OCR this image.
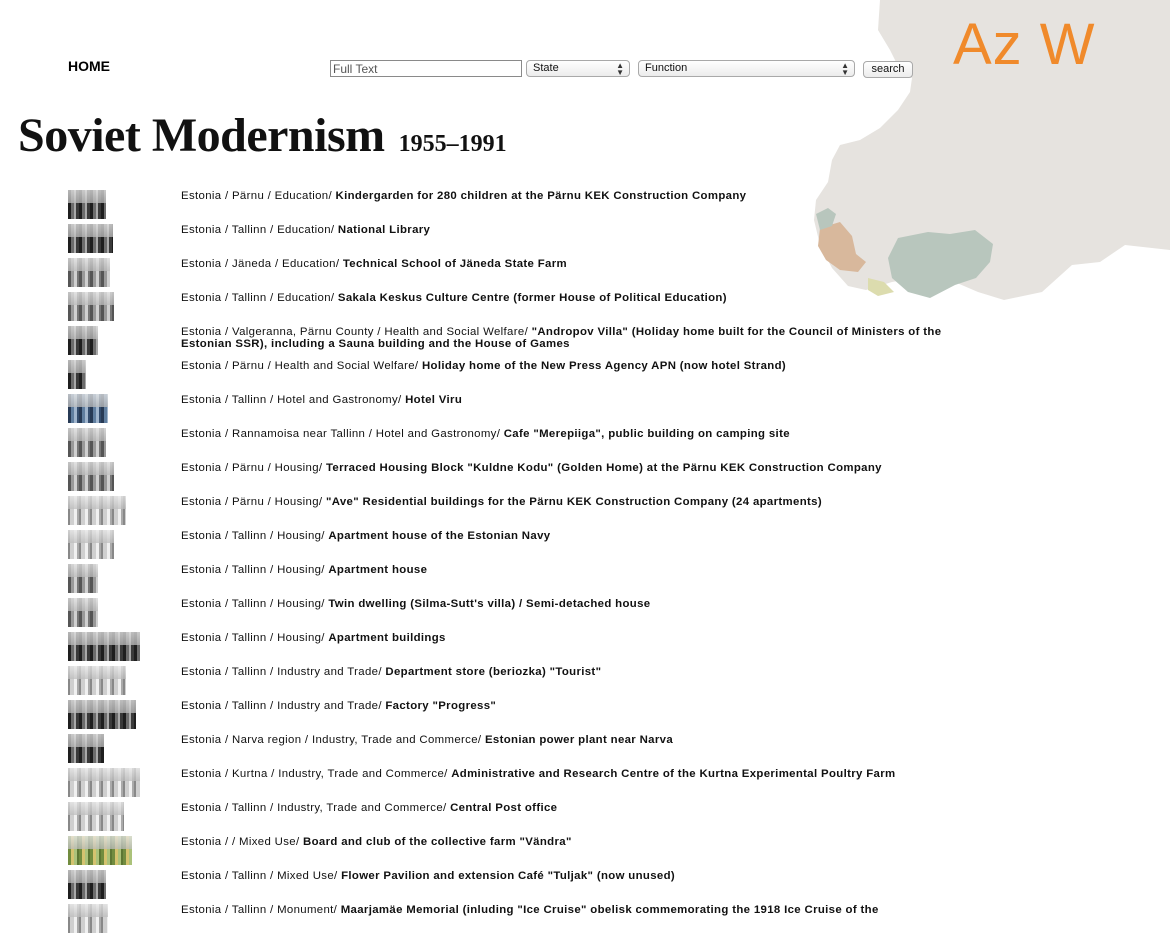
HOME
Full Text	State	▲
▼	Function	▲
▼	search Az W
Soviet Modernism 1955–1991
Estonia / Pärnu / Education/ Kindergarden for 280 children at the Pärnu KEK Construction Company
Estonia / Tallinn / Education/ National Library
Estonia / Jäneda / Education/ Technical School of Jäneda State Farm
Estonia / Tallinn / Education/ Sakala Keskus Culture Centre (former House of Political Education)
Estonia / Valgeranna, Pärnu County / Health and Social Welfare/ "Andropov Villa" (Holiday home built for the Council of Ministers of the Estonian SSR), including a Sauna building and the House of Games
Estonia / Pärnu / Health and Social Welfare/ Holiday home of the New Press Agency APN (now hotel Strand)
Estonia / Tallinn / Hotel and Gastronomy/ Hotel Viru
Estonia / Rannamoisa near Tallinn / Hotel and Gastronomy/ Cafe "Merepiiga", public building on camping site
Estonia / Pärnu / Housing/ Terraced Housing Block "Kuldne Kodu" (Golden Home) at the Pärnu KEK Construction Company
Estonia / Pärnu / Housing/ "Ave" Residential buildings for the Pärnu KEK Construction Company (24 apartments)
Estonia / Tallinn / Housing/ Apartment house of the Estonian Navy
Estonia / Tallinn / Housing/ Apartment house
Estonia / Tallinn / Housing/ Twin dwelling (Silma-Sutt's villa) / Semi-detached house
Estonia / Tallinn / Housing/ Apartment buildings
Estonia / Tallinn / Industry and Trade/ Department store (beriozka) "Tourist"
Estonia / Tallinn / Industry and Trade/ Factory "Progress"
Estonia / Narva region / Industry, Trade and Commerce/ Estonian power plant near Narva
Estonia / Kurtna / Industry, Trade and Commerce/ Administrative and Research Centre of the Kurtna Experimental Poultry Farm
Estonia / Tallinn / Industry, Trade and Commerce/ Central Post office
Estonia / / Mixed Use/ Board and club of the collective farm "Vändra"
Estonia / Tallinn / Mixed Use/ Flower Pavilion and extension Café "Tuljak" (now unused)
Estonia / Tallinn / Monument/ Maarjamäe Memorial (inluding "Ice Cruise" obelisk commemorating the 1918 Ice Cruise of the
